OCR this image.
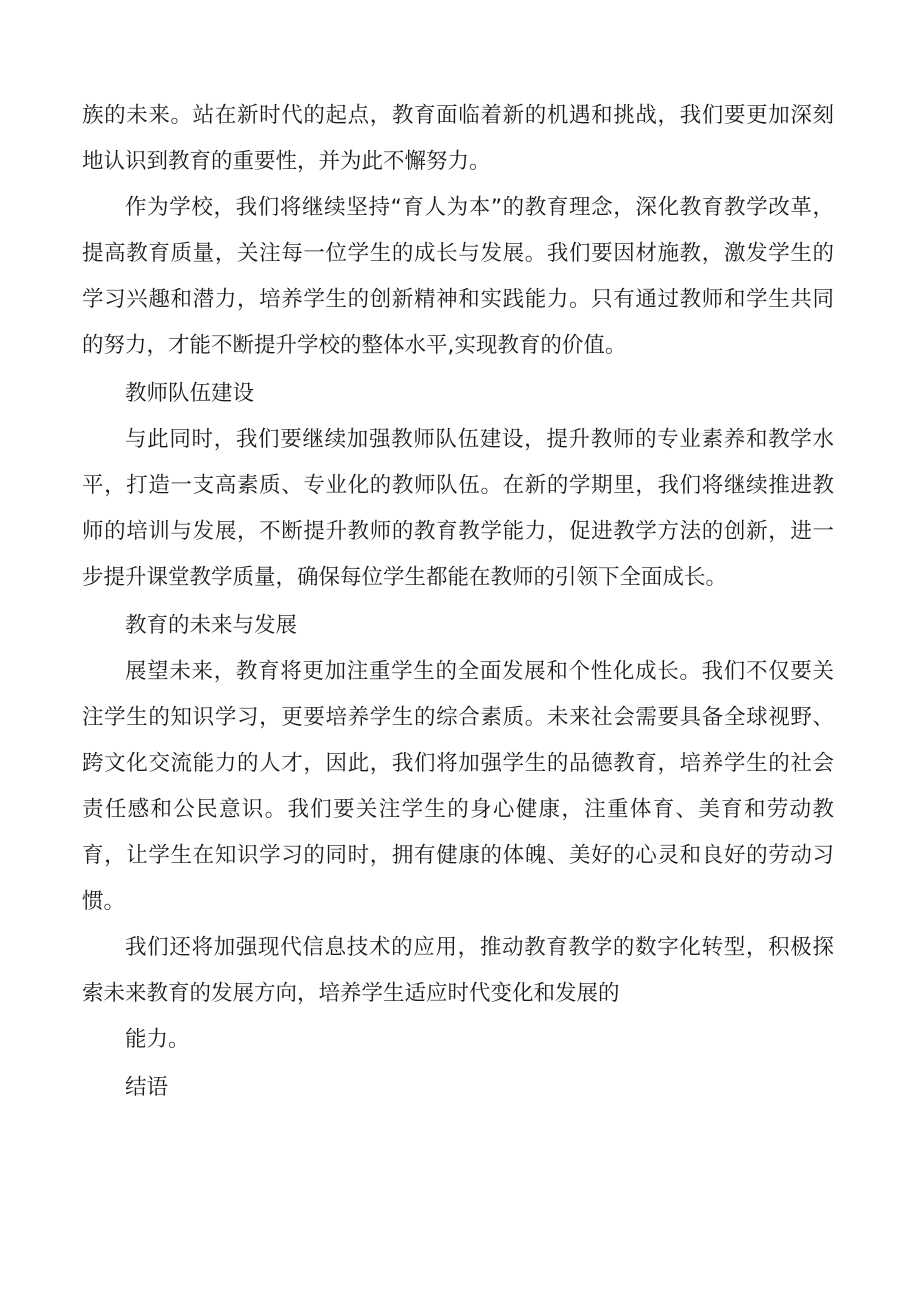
族的未来。站在新时代的起点，教育面临着新的机遇和挑战，我们要更加深刻地认识到教育的重要性，并为此不懈努力。

作为学校，我们将继续坚持“育人为本”的教育理念，深化教育教学改革，提高教育质量，关注每一位学生的成长与发展。我们要因材施教，激发学生的学习兴趣和潜力，培养学生的创新精神和实践能力。只有通过教师和学生共同的努力，才能不断提升学校的整体水平,实现教育的价值。

教师队伍建设

与此同时，我们要继续加强教师队伍建设，提升教师的专业素养和教学水平，打造一支高素质、专业化的教师队伍。在新的学期里，我们将继续推进教师的培训与发展，不断提升教师的教育教学能力，促进教学方法的创新，进一步提升课堂教学质量，确保每位学生都能在教师的引领下全面成长。

教育的未来与发展

展望未来，教育将更加注重学生的全面发展和个性化成长。我们不仅要关注学生的知识学习，更要培养学生的综合素质。未来社会需要具备全球视野、跨文化交流能力的人才，因此，我们将加强学生的品德教育，培养学生的社会责任感和公民意识。我们要关注学生的身心健康，注重体育、美育和劳动教育，让学生在知识学习的同时，拥有健康的体魄、美好的心灵和良好的劳动习惯。

我们还将加强现代信息技术的应用，推动教育教学的数字化转型，积极探索未来教育的发展方向，培养学生适应时代变化和发展的
能力。

结语
